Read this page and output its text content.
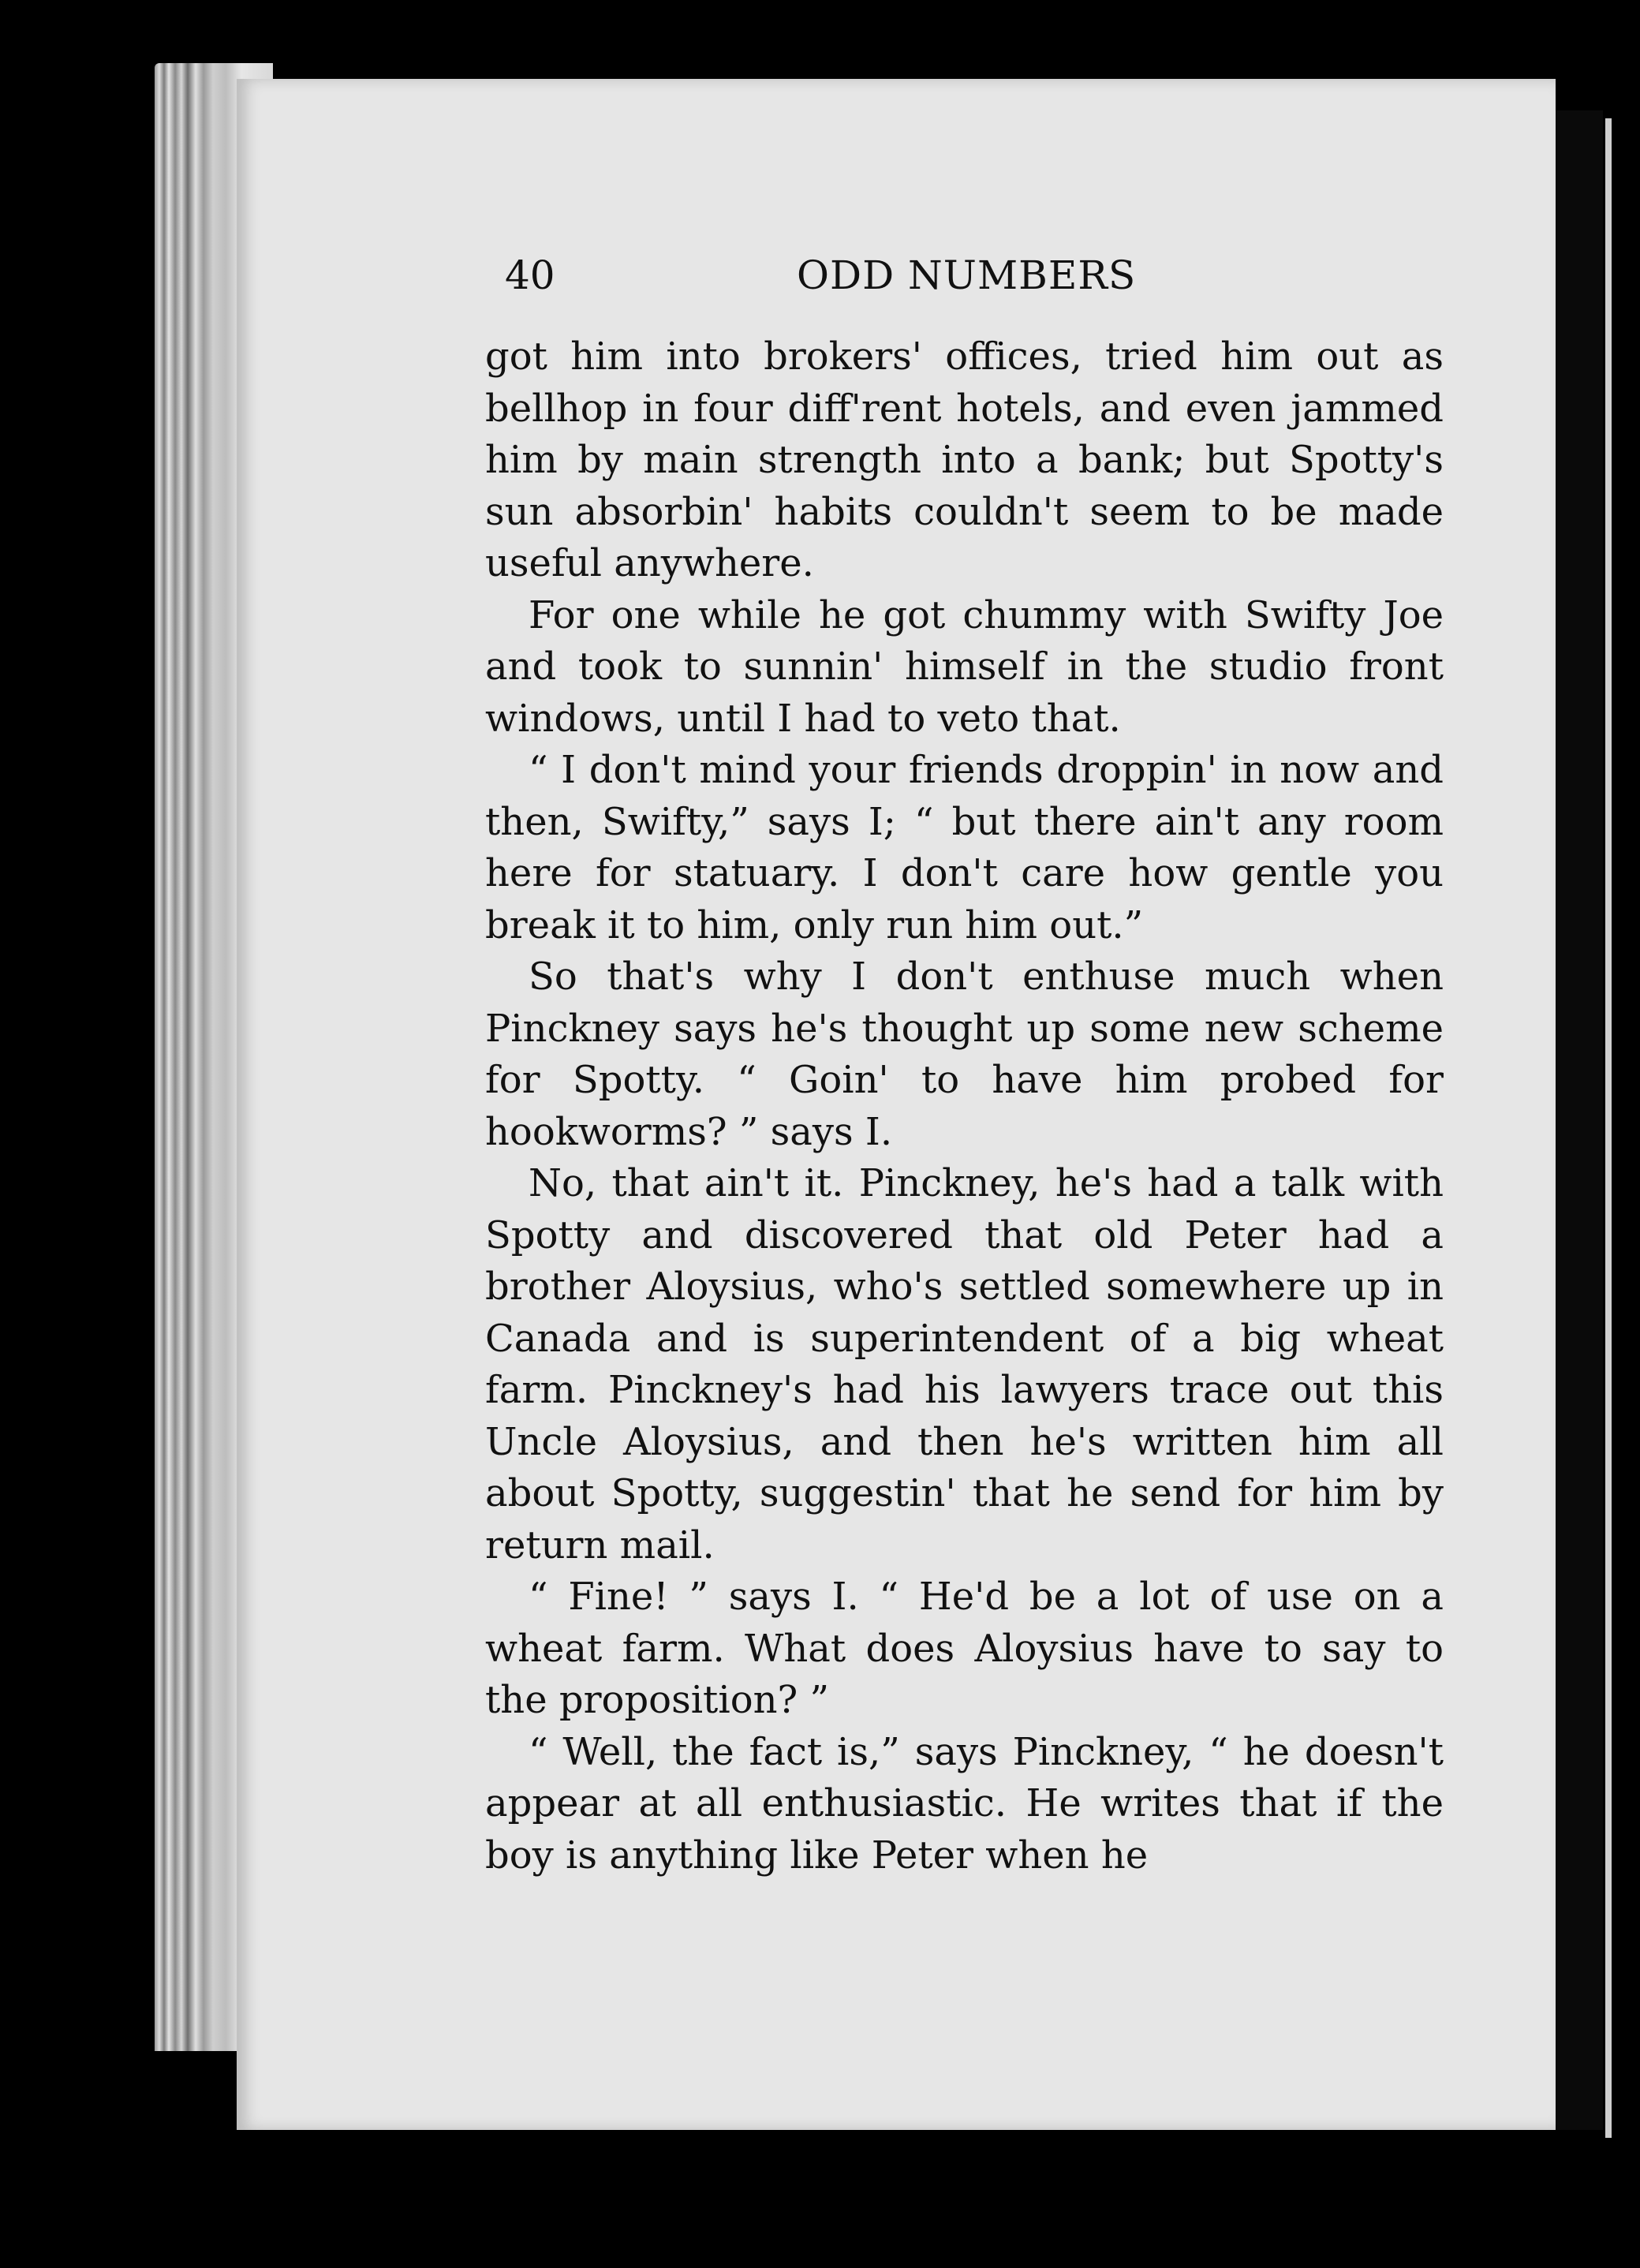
40	ODD NUMBERS

got him into brokers' offices, tried him out as bellhop in four diff'rent hotels, and even jammed him by main strength into a bank; but Spotty's sun absorbin' habits couldn't seem to be made useful anywhere.

For one while he got chummy with Swifty Joe and took to sunnin' himself in the studio front windows, until I had to veto that.

“ I don't mind your friends droppin' in now and then, Swifty,” says I; “ but there ain't any room here for statuary. I don't care how gentle you break it to him, only run him out.”

So that's why I don't enthuse much when Pinckney says he's thought up some new scheme for Spotty. “ Goin' to have him probed for hookworms? ” says I.

No, that ain't it. Pinckney, he's had a talk with Spotty and discovered that old Peter had a brother Aloysius, who's settled somewhere up in Canada and is superintendent of a big wheat farm. Pinckney's had his lawyers trace out this Uncle Aloysius, and then he's written him all about Spotty, suggestin' that he send for him by return mail.

“ Fine! ” says I. “ He'd be a lot of use on a wheat farm. What does Aloysius have to say to the proposition? ”

“ Well, the fact is,” says Pinckney, “ he doesn't appear at all enthusiastic. He writes that if the boy is anything like Peter when he
